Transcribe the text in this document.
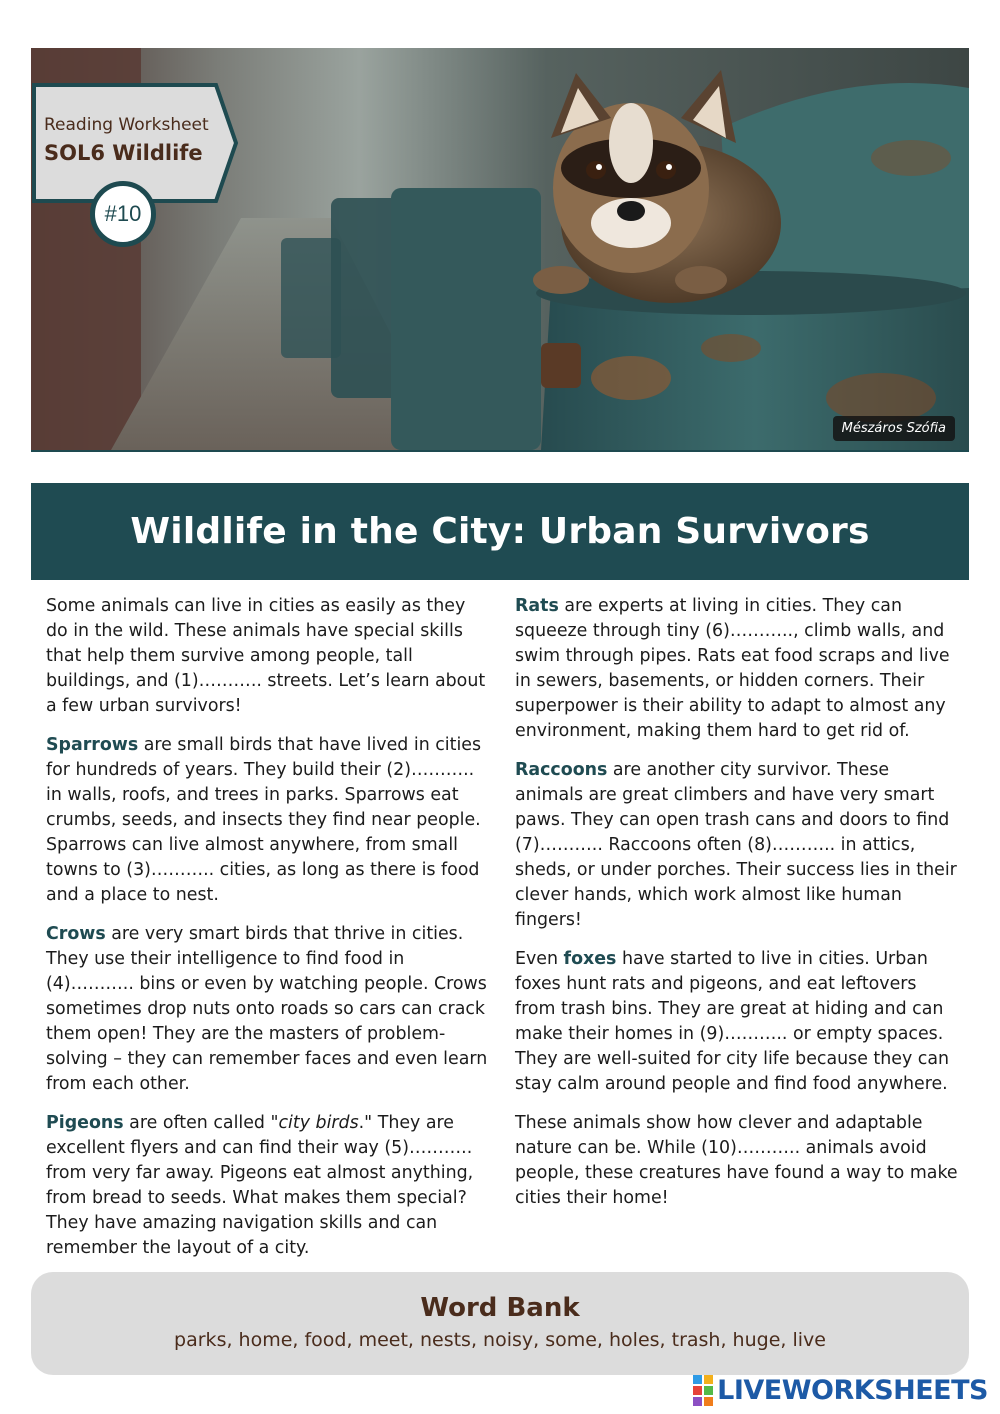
Mészáros Szófia
Reading Worksheet
SOL6 Wildlife
#10
Wildlife in the City: Urban Survivors

Some animals can live in cities as easily as they do in the wild. These animals have special skills that help them survive among people, tall buildings, and (1)……….. streets. Let’s learn about a few urban survivors!

Sparrows are small birds that have lived in cities for hundreds of years. They build their (2)……….. in walls, roofs, and trees in parks. Sparrows eat crumbs, seeds, and insects they find near people. Sparrows can live almost anywhere, from small towns to (3)……….. cities, as long as there is food and a place to nest.

Crows are very smart birds that thrive in cities. They use their intelligence to find food in (4)……….. bins or even by watching people. Crows sometimes drop nuts onto roads so cars can crack them open! They are the masters of problem-solving – they can remember faces and even learn from each other.

Pigeons are often called "city birds." They are excellent flyers and can find their way (5)……….. from very far away. Pigeons eat almost anything, from bread to seeds. What makes them special? They have amazing navigation skills and can remember the layout of a city.

Rats are experts at living in cities. They can squeeze through tiny (6)……….., climb walls, and swim through pipes. Rats eat food scraps and live in sewers, basements, or hidden corners. Their superpower is their ability to adapt to almost any environment, making them hard to get rid of.

Raccoons are another city survivor. These animals are great climbers and have very smart paws. They can open trash cans and doors to find (7)……….. Raccoons often (8)……….. in attics, sheds, or under porches. Their success lies in their clever hands, which work almost like human fingers!

Even foxes have started to live in cities. Urban foxes hunt rats and pigeons, and eat leftovers from trash bins. They are great at hiding and can make their homes in (9)……….. or empty spaces. They are well-suited for city life because they can stay calm around people and find food anywhere.

These animals show how clever and adaptable nature can be. While (10)……….. animals avoid people, these creatures have found a way to make cities their home!

Word Bank
parks, home, food, meet, nests, noisy, some, holes, trash, huge, live
LIVEWORKSHEETS
